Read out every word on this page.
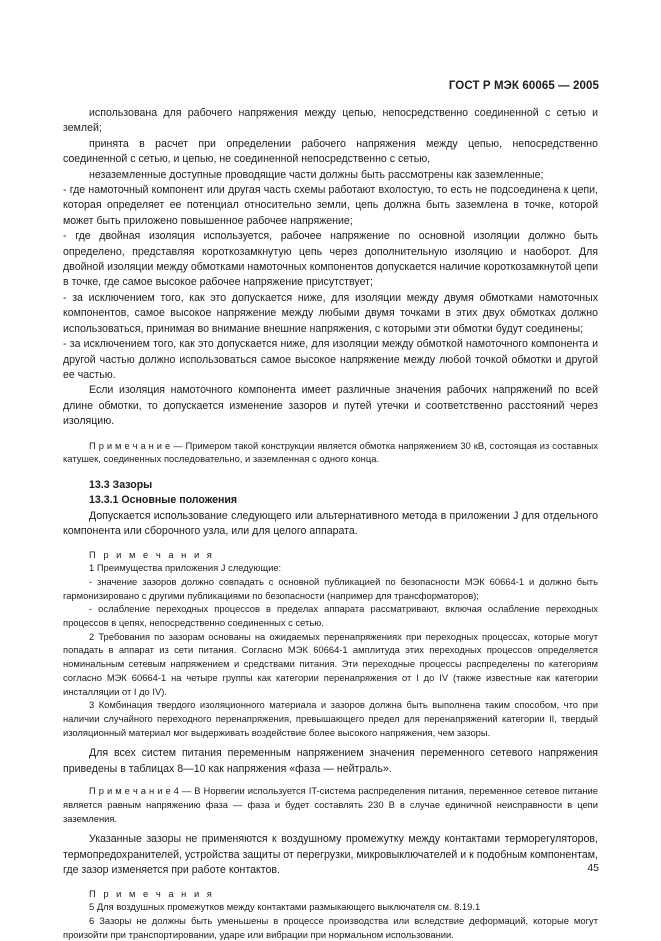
ГОСТ Р МЭК 60065 — 2005

использована для рабочего напряжения между цепью, непосредственно соединенной с сетью и землей;

принята в расчет при определении рабочего напряжения между цепью, непосредственно соединенной с сетью, и цепью, не соединенной непосредственно с сетью,

незаземленные доступные проводящие части должны быть рассмотрены как заземленные;

- где намоточный компонент или другая часть схемы работают вхолостую, то есть не подсоединена к цепи, которая определяет ее потенциал относительно земли, цепь должна быть заземлена в точке, которой может быть приложено повышенное рабочее напряжение;

- где двойная изоляция используется, рабочее напряжение по основной изоляции должно быть определено, представляя короткозамкнутую цепь через дополнительную изоляцию и наоборот. Для двойной изоляции между обмотками намоточных компонентов допускается наличие короткозамкнутой цепи в точке, где самое высокое рабочее напряжение присутствует;

- за исключением того, как это допускается ниже, для изоляции между двумя обмотками намоточных компонентов, самое высокое напряжение между любыми двумя точками в этих двух обмотках должно использоваться, принимая во внимание внешние напряжения, с которыми эти обмотки будут соединены;

- за исключением того, как это допускается ниже, для изоляции между обмоткой намоточного компонента и другой частью должно использоваться самое высокое напряжение между любой точкой обмотки и другой ее частью.

Если изоляция намоточного компонента имеет различные значения рабочих напряжений по всей длине обмотки, то допускается изменение зазоров и путей утечки и соответственно расстояний через изоляцию.

П р и м е ч а н и е — Примером такой конструкции является обмотка напряжением 30 кВ, состоящая из составных катушек, соединенных последовательно, и заземленная с одного конца.

13.3 Зазоры

13.3.1 Основные положения

Допускается использование следующего или альтернативного метода в приложении J для отдельного компонента или сборочного узла, или для целого аппарата.

П р и м е ч а н и я

1 Преимущества приложения J следующие:

- значение зазоров должно совпадать с основной публикацией по безопасности МЭК 60664-1 и должно быть гармонизировано с другими публикациями по безопасности (например для трансформаторов);

- ослабление переходных процессов в пределах аппарата рассматривают, включая ослабление переходных процессов в цепях, непосредственно соединенных с сетью.

2 Требования по зазорам основаны на ожидаемых перенапряжениях при переходных процессах, которые могут попадать в аппарат из сети питания. Согласно МЭК 60664-1 амплитуда этих переходных процессов определяется номинальным сетевым напряжением и средствами питания. Эти переходные процессы распределены по категориям согласно МЭК 60664-1 на четыре группы как категории перенапряжения от I до IV (также известные как категории инсталляции от I до IV).

3 Комбинация твердого изоляционного материала и зазоров должна быть выполнена таким способом, что при наличии случайного переходного перенапряжения, превышающего предел для перенапряжений категории II, твердый изоляционный материал мог выдерживать воздействие более высокого напряжения, чем зазоры.

Для всех систем питания переменным напряжением значения переменного сетевого напряжения приведены в таблицах 8—10 как напряжения «фаза — нейтраль».

П р и м е ч а н и е 4 — В Норвегии используется IT-система распределения питания, переменное сетевое питание является равным напряжению фаза — фаза и будет составлять 230 В в случае единичной неисправности в цепи заземления.

Указанные зазоры не применяются к воздушному промежутку между контактами терморегуляторов, термопредохранителей, устройства защиты от перегрузки, микровыключателей и к подобным компонентам, где зазор изменяется при работе контактов.

П р и м е ч а н и я

5 Для воздушных промежутков между контактами размыкающего выключателя см. 8.19.1

6 Зазоры не должны быть уменьшены в процессе производства или вследствие деформаций, которые могут произойти при транспортировании, ударе или вибрации при нормальном использовании.

45
